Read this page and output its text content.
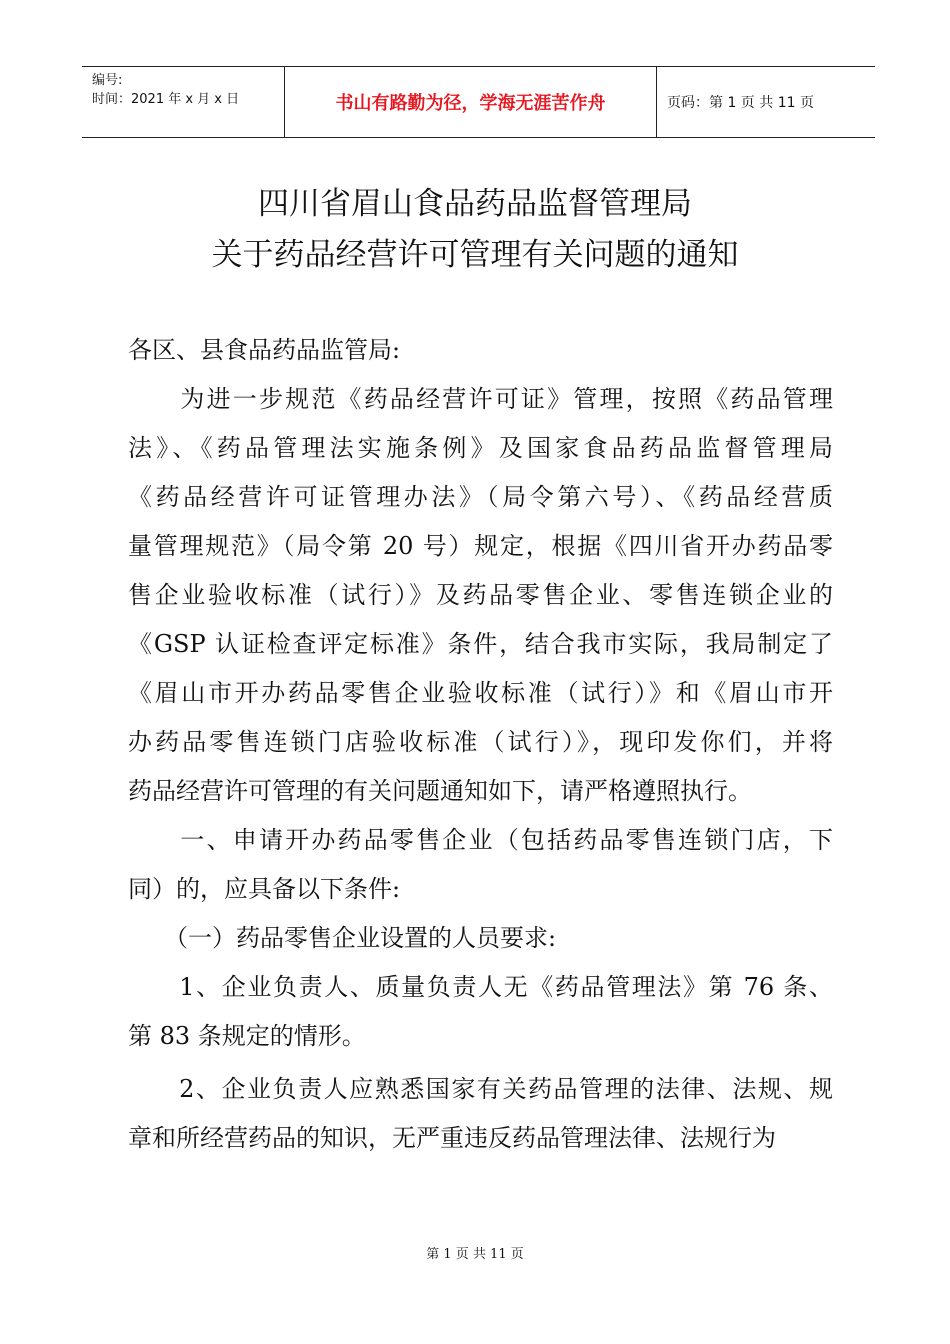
编号:
时间：2021 年 x 月 x 日	书山有路勤为径，学海无涯苦作舟	页码：第 1 页 共 11 页
四川省眉山食品药品监督管理局
关于药品经营许可管理有关问题的通知
各区、县食品药品监管局:
　　为进一步规范《药品经营许可证》管理，按照《药品管理
法》、《药品管理法实施条例》及国家食品药品监督管理局
《药品经营许可证管理办法》（局令第六号）、《药品经营质
量管理规范》（局令第 20 号）规定，根据《四川省开办药品零
售企业验收标准（试行）》及药品零售企业、零售连锁企业的
《GSP 认证检查评定标准》条件，结合我市实际，我局制定了
《眉山市开办药品零售企业验收标准（试行）》和《眉山市开
办药品零售连锁门店验收标准（试行）》，现印发你们，并将
药品经营许可管理的有关问题通知如下，请严格遵照执行。
　　一、申请开办药品零售企业（包括药品零售连锁门店，下
同）的，应具备以下条件:
　　（一）药品零售企业设置的人员要求:
　　1、企业负责人、质量负责人无《药品管理法》第 76 条、
第 83 条规定的情形。
　　2、企业负责人应熟悉国家有关药品管理的法律、法规、规
章和所经营药品的知识，无严重违反药品管理法律、法规行为
第 1 页 共 11 页
